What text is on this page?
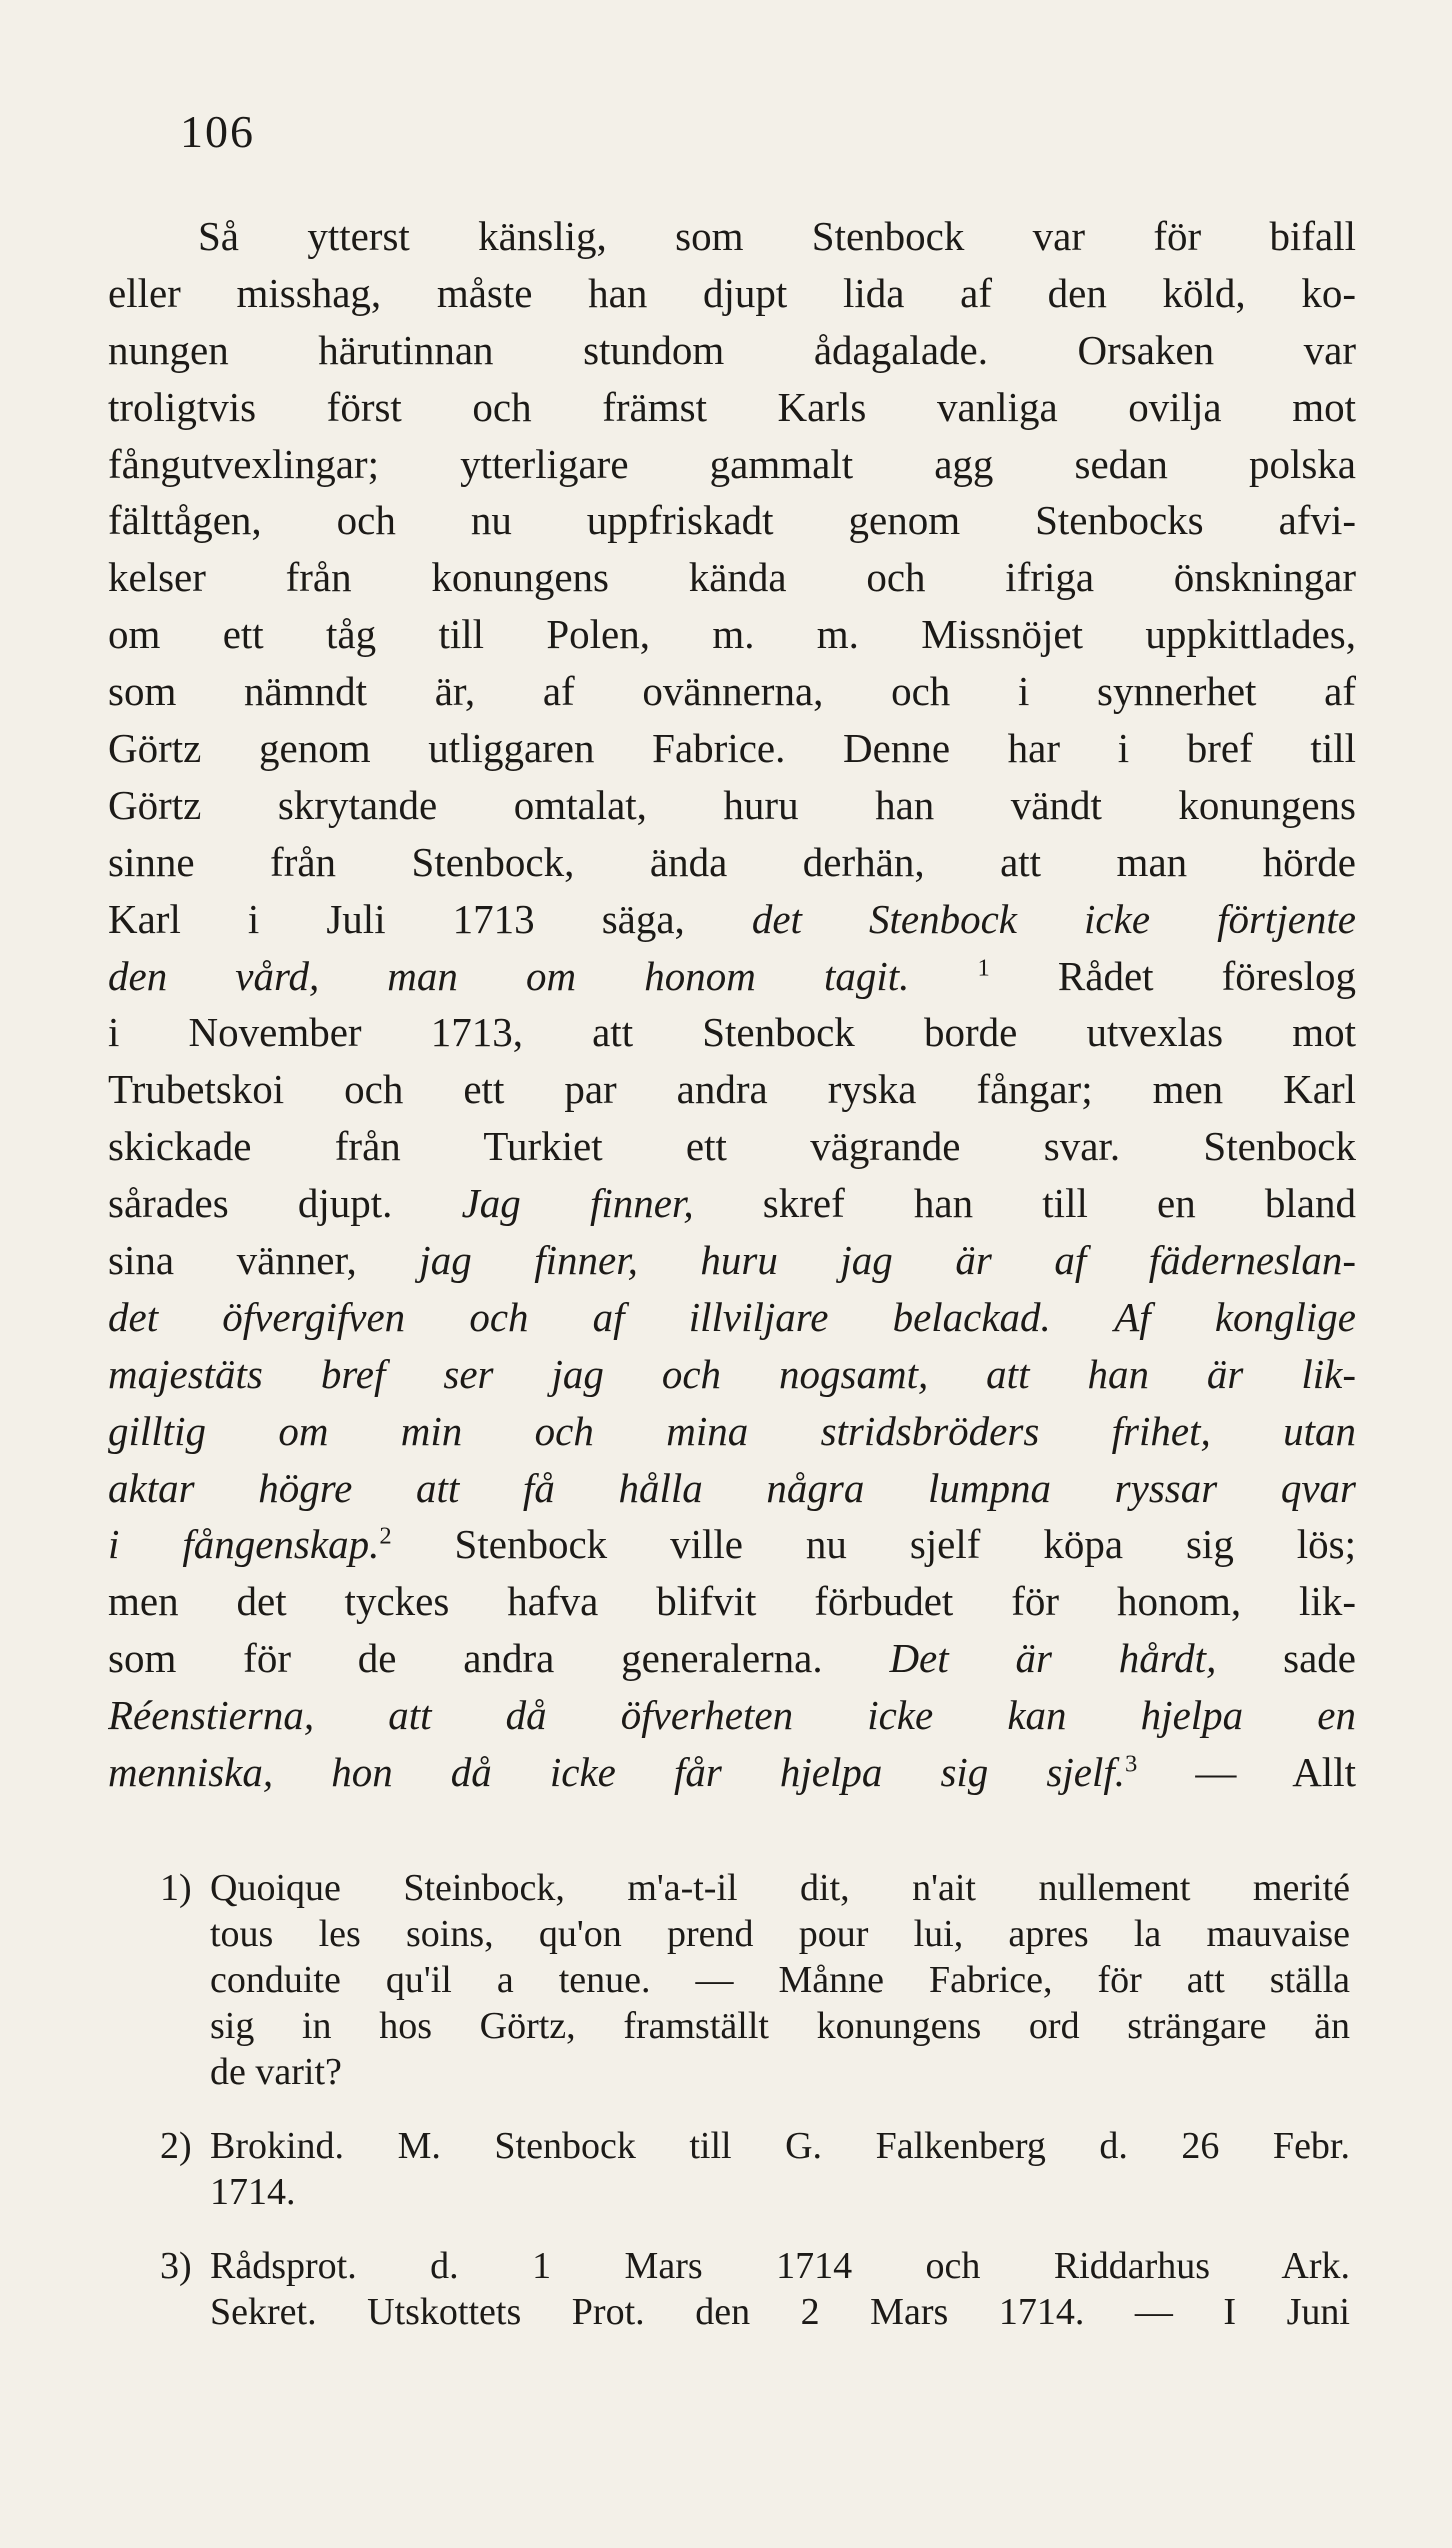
106
Så ytterst känslig, som Stenbock var för bifall
eller misshag, måste han djupt lida af den köld, ko-
nungen härutinnan stundom ådagalade. Orsaken var
troligtvis först och främst Karls vanliga ovilja mot
fångutvexlingar; ytterligare gammalt agg sedan polska
fälttågen, och nu uppfriskadt genom Stenbocks afvi-
kelser från konungens kända och ifriga önskningar
om ett tåg till Polen, m. m. Missnöjet uppkittlades,
som nämndt är, af ovännerna, och i synnerhet af
Görtz genom utliggaren Fabrice. Denne har i bref till
Görtz skrytande omtalat, huru han vändt konungens
sinne från Stenbock, ända derhän, att man hörde
Karl i Juli 1713 säga, det Stenbock icke förtjente
den vård, man om honom tagit. $^1$ Rådet föreslog
i November 1713, att Stenbock borde utvexlas mot
Trubetskoi och ett par andra ryska fångar; men Karl
skickade från Turkiet ett vägrande svar. Stenbock
sårades djupt. Jag finner, skref han till en bland
sina vänner, jag finner, huru jag är af fäderneslan-
det öfvergifven och af illviljare belackad. Af konglige
majestäts bref ser jag och nogsamt, att han är lik-
gilltig om min och mina stridsbröders frihet, utan
aktar högre att få hålla några lumpna ryssar qvar
i fångenskap.$^2$ Stenbock ville nu sjelf köpa sig lös;
men det tyckes hafva blifvit förbudet för honom, lik-
som för de andra generalerna. Det är hårdt, sade
Réenstierna, att då öfverheten icke kan hjelpa en
menniska, hon då icke får hjelpa sig sjelf.$^3$ — Allt
1) Quoique Steinbock, m'a-t-il dit, n'ait nullement merité
tous les soins, qu'on prend pour lui, apres la mauvaise
conduite qu'il a tenue. — Månne Fabrice, för att ställa
sig in hos Görtz, framställt konungens ord strängare än
de varit?
2) Brokind. M. Stenbock till G. Falkenberg d. 26 Febr.
1714.
3) Rådsprot. d. 1 Mars 1714 och Riddarhus Ark.
Sekret. Utskottets Prot. den 2 Mars 1714. — I Juni
